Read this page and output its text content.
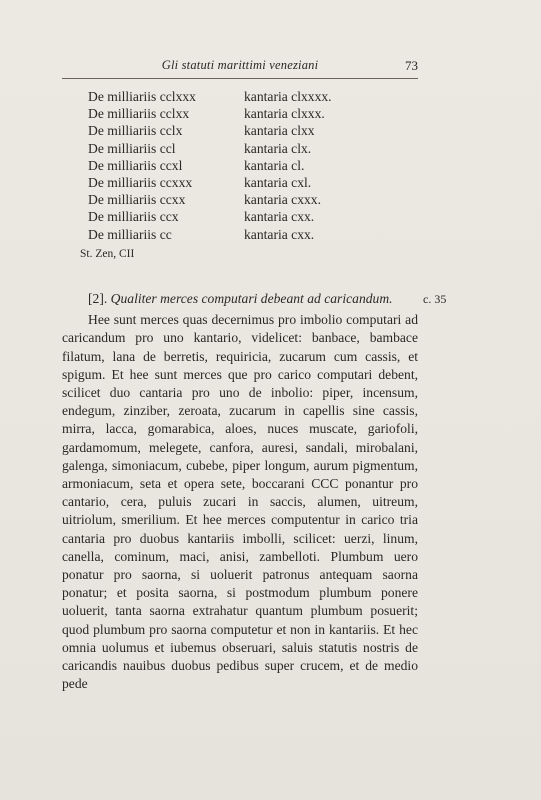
Gli statuti marittimi veneziani	73
De milliariis cclxxx	kantaria clxxxx.
De milliariis cclxx	kantaria clxxx.
De milliariis cclx	kantaria clxx
De milliariis ccl	kantaria clx.
De milliariis ccxl	kantaria cl.
De milliariis ccxxx	kantaria cxl.
De milliariis ccxx	kantaria cxxx.
De milliariis ccx	kantaria cxx.
De milliariis cc	kantaria cxx.
St. Zen, CII

[2]. Qualiter merces computari debeant ad caricandum.

Hee sunt merces quas decernimus pro imbolio computari ad caricandum pro uno kantario, videlicet: banbace, bambace filatum, lana de berretis, requiricia, zucarum cum cassis, et spigum. Et hee sunt merces que pro carico computari debent, scilicet duo cantaria pro uno de inbolio: piper, incensum, endegum, zinziber, zeroata, zucarum in capellis sine cassis, mirra, lacca, gomarabica, aloes, nuces muscate, gariofoli, gardamomum, melegete, canfora, auresi, sandali, mirobalani, galenga, simoniacum, cubebe, piper longum, aurum pigmentum, armoniacum, seta et opera sete, boccarani CCC ponantur pro cantario, cera, puluis zucari in saccis, alumen, uitreum, uitriolum, smerilium. Et hee merces computentur in carico tria cantaria pro duobus kantariis imbolli, scilicet: uerzi, linum, canella, cominum, maci, anisi, zambelloti. Plumbum uero ponatur pro saorna, si uoluerit patronus antequam saorna ponatur; et posita saorna, si postmodum plumbum ponere uoluerit, tanta saorna extrahatur quantum plumbum posuerit; quod plumbum pro saorna computetur et non in kantariis. Et hec omnia uolumus et iubemus obseruari, saluis statutis nostris de caricandis nauibus duobus pedibus super crucem, et de medio pede

c. 35
